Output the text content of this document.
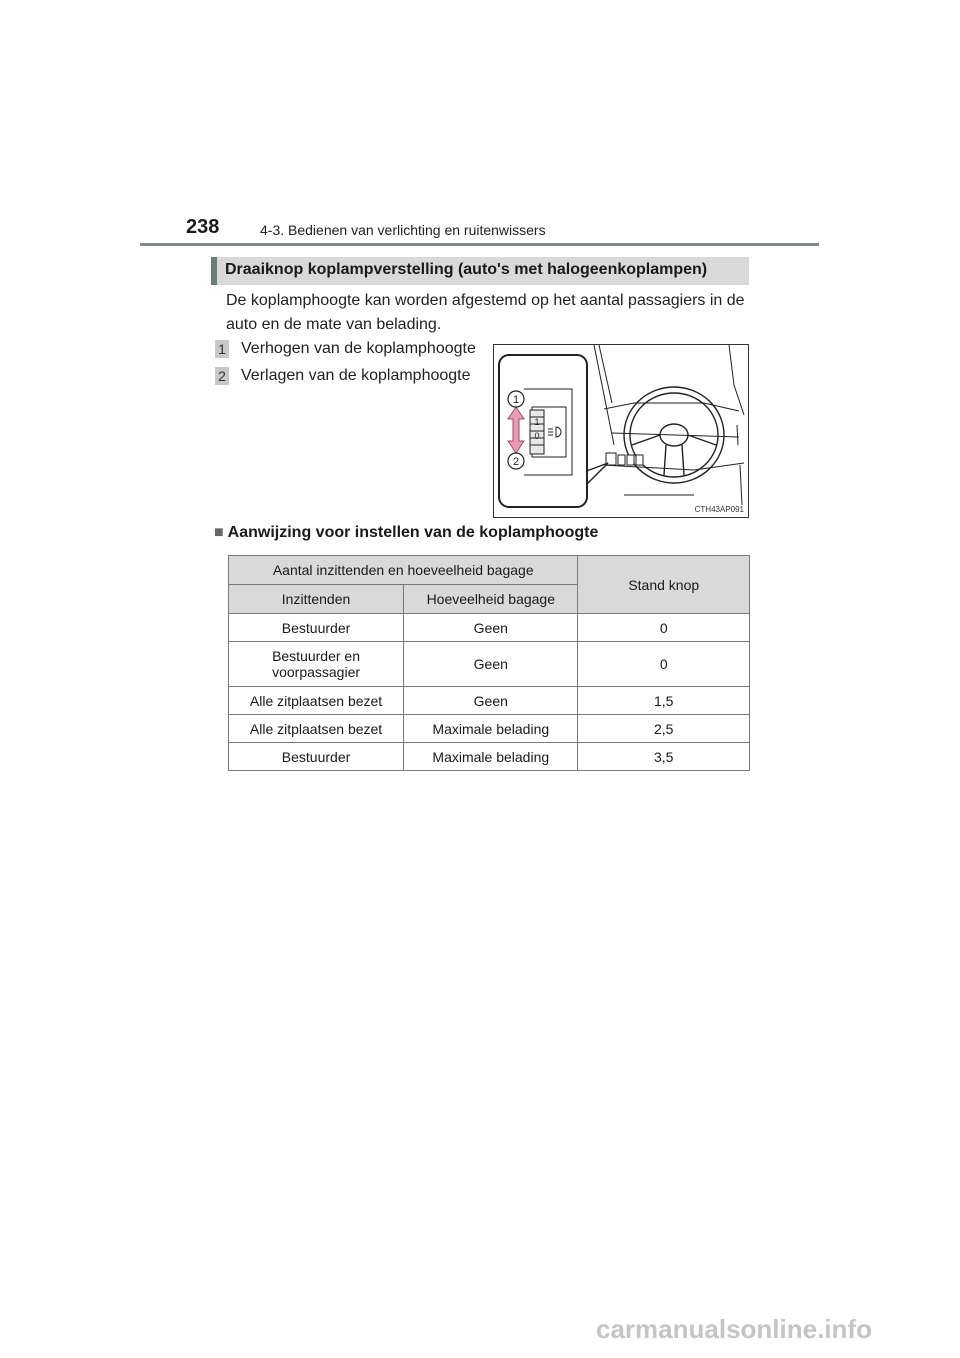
238	4-3. Bedienen van verlichting en ruitenwissers
Draaiknop koplampverstelling (auto's met halogeenkoplampen)
De koplamphoogte kan worden afgestemd op het aantal passagiers in de auto en de mate van belading.
1 Verhogen van de koplamphoogte
2 Verlagen van de koplamphoogte
1
0
1
2
CTH43AP091
■ Aanwijzing voor instellen van de koplamphoogte
Aantal inzittenden en hoeveelheid bagage		Stand knop
Inzittenden	Hoeveelheid bagage	
Bestuurder	Geen	0
Bestuurder en voorpassagier	Geen	0
Alle zitplaatsen bezet	Geen	1,5
Alle zitplaatsen bezet	Maximale belading	2,5
Bestuurder	Maximale belading	3,5
carmanualsonline.info
